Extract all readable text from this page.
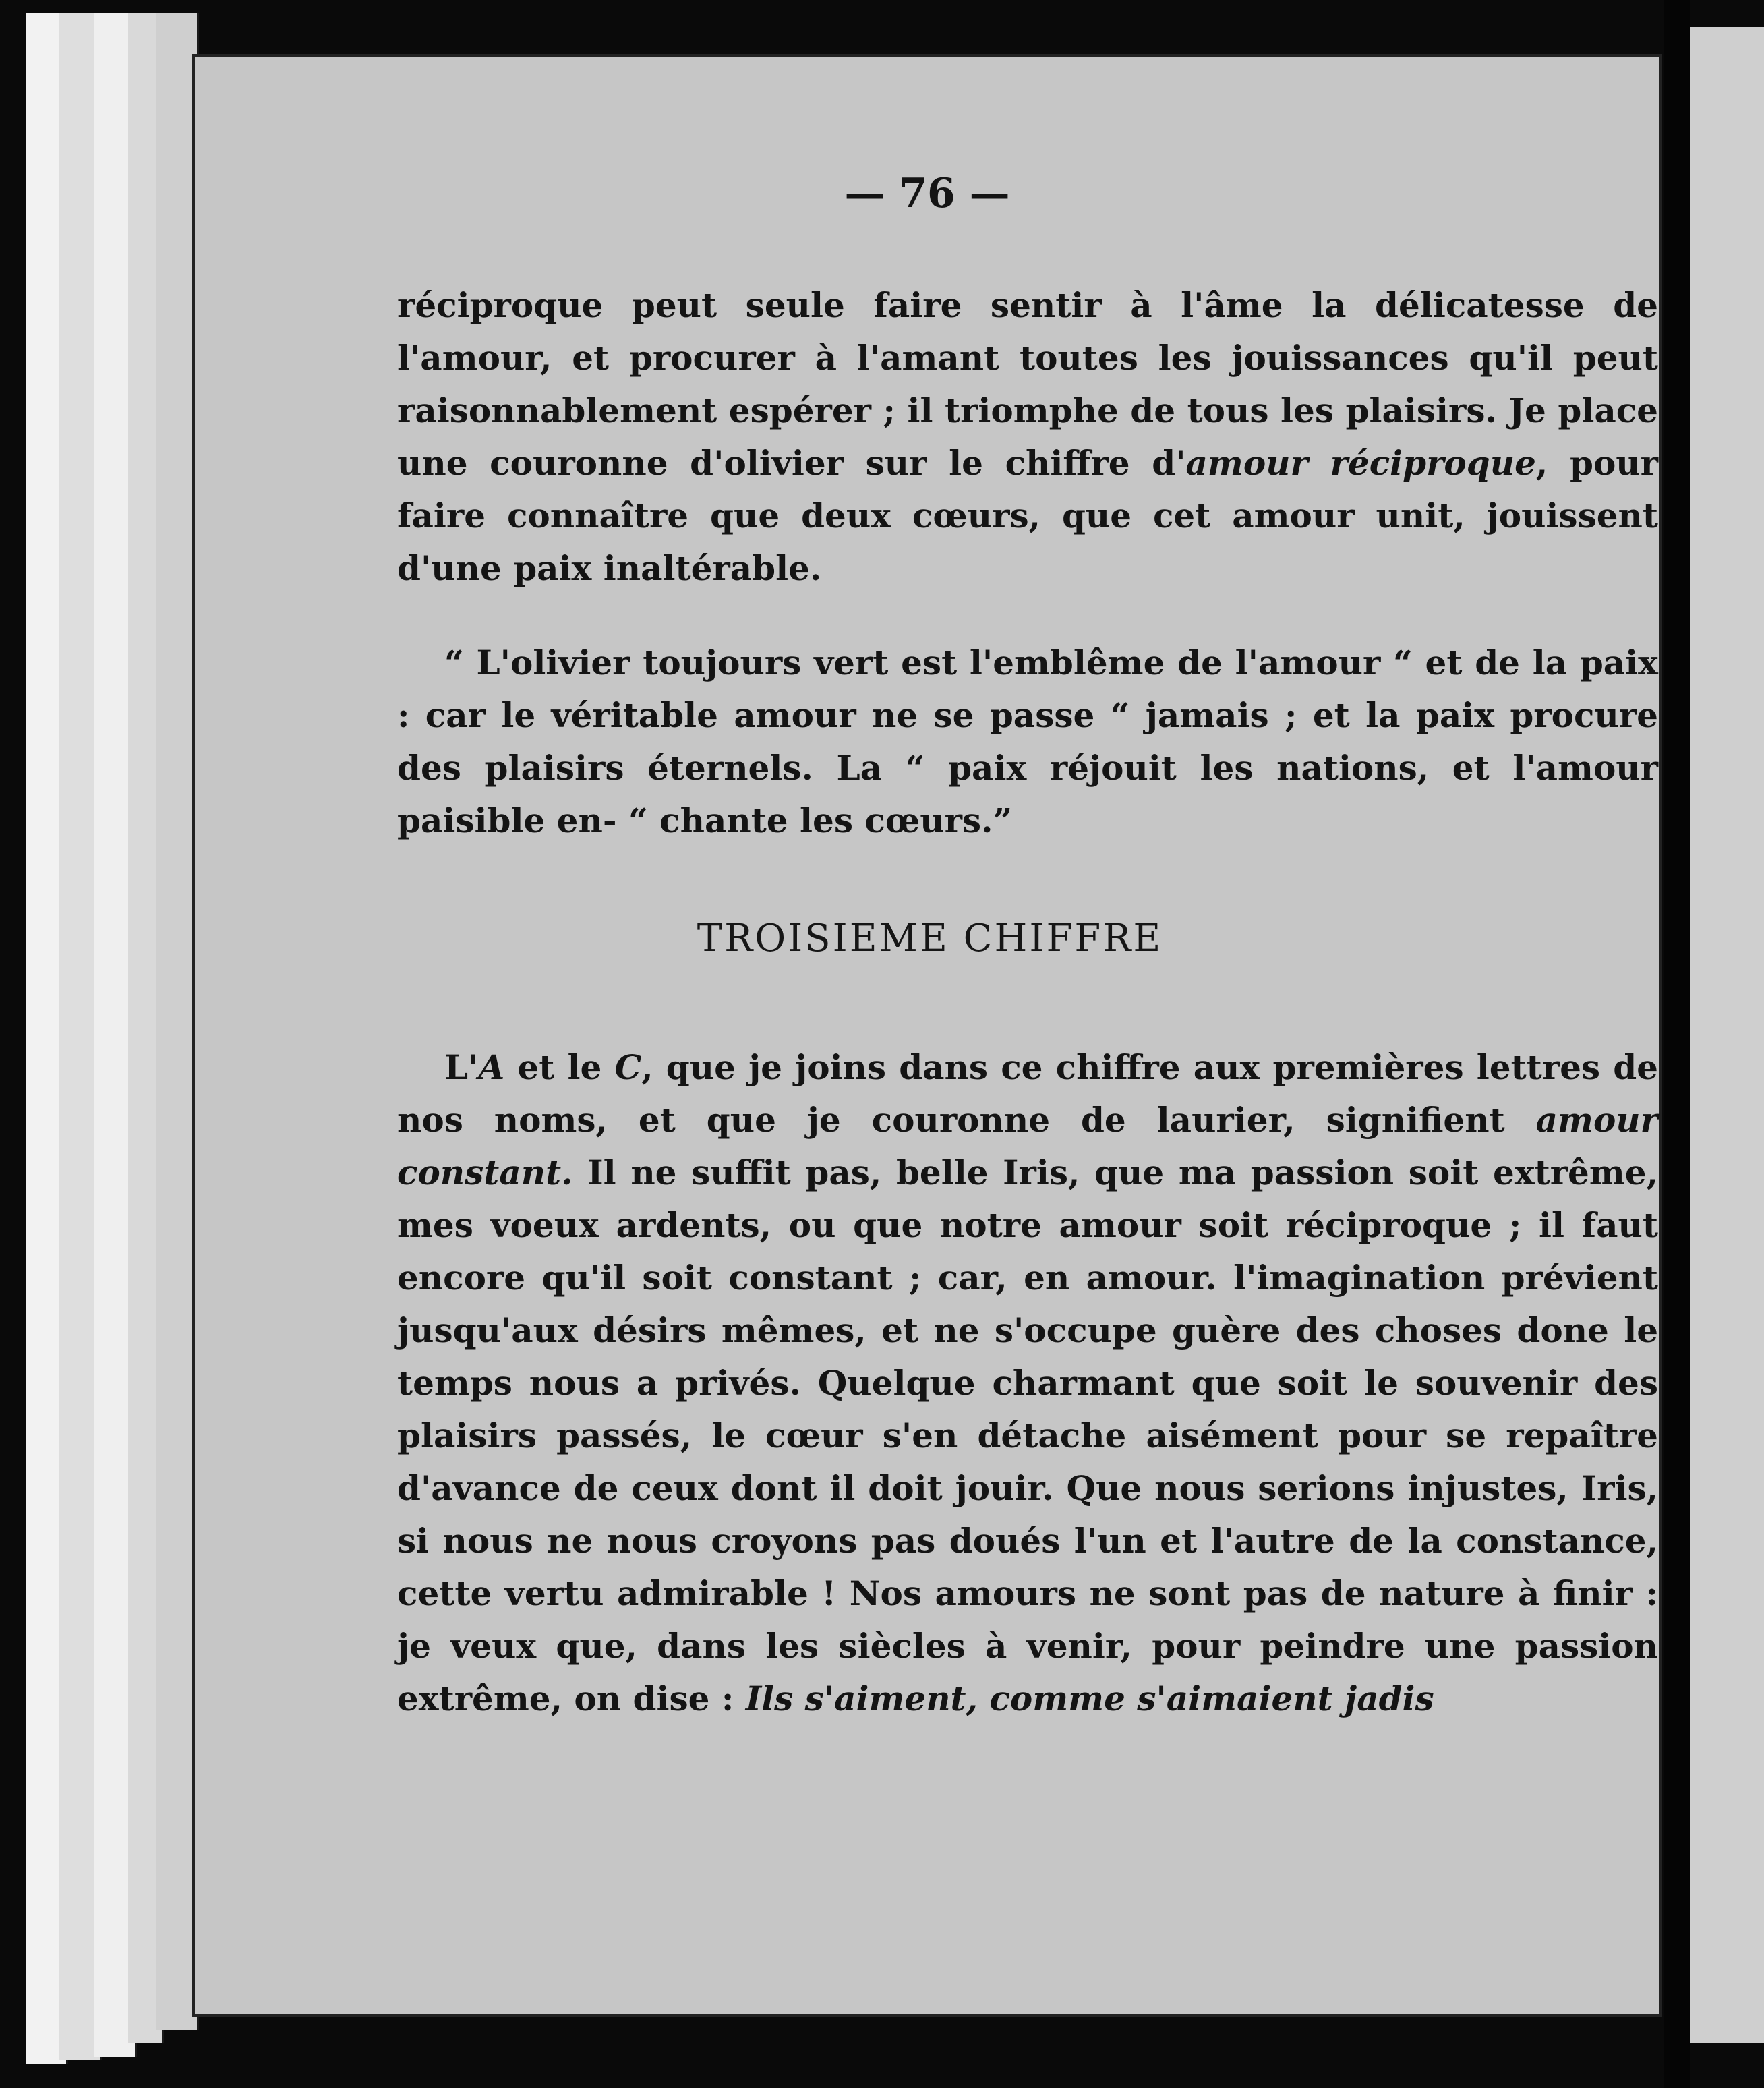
— 76 —

réciproque peut seule faire sentir à l'âme la délicatesse de l'amour, et procurer à l'amant toutes les jouissances qu'il peut raisonnablement espérer ; il triomphe de tous les plaisirs. Je place une couronne d'olivier sur le chiffre d'amour réciproque, pour faire connaître que deux cœurs, que cet amour unit, jouissent d'une paix inaltérable.

“ L'olivier toujours vert est l'emblême de l'amour “ et de la paix : car le véritable amour ne se passe “ jamais ; et la paix procure des plaisirs éternels. La “ paix réjouit les nations, et l'amour paisible en- “ chante les cœurs.”

TROISIEME CHIFFRE

L'A et le C, que je joins dans ce chiffre aux premières lettres de nos noms, et que je couronne de laurier, signifient amour constant. Il ne suffit pas, belle Iris, que ma passion soit extrême, mes voeux ardents, ou que notre amour soit réciproque ; il faut encore qu'il soit constant ; car, en amour. l'imagination prévient jusqu'aux désirs mêmes, et ne s'occupe guère des choses done le temps nous a privés. Quelque charmant que soit le souvenir des plaisirs passés, le cœur s'en détache aisément pour se repaître d'avance de ceux dont il doit jouir. Que nous serions injustes, Iris, si nous ne nous croyons pas doués l'un et l'autre de la constance, cette vertu admirable ! Nos amours ne sont pas de nature à finir : je veux que, dans les siècles à venir, pour peindre une passion extrême, on dise : Ils s'aiment, comme s'aimaient jadis
